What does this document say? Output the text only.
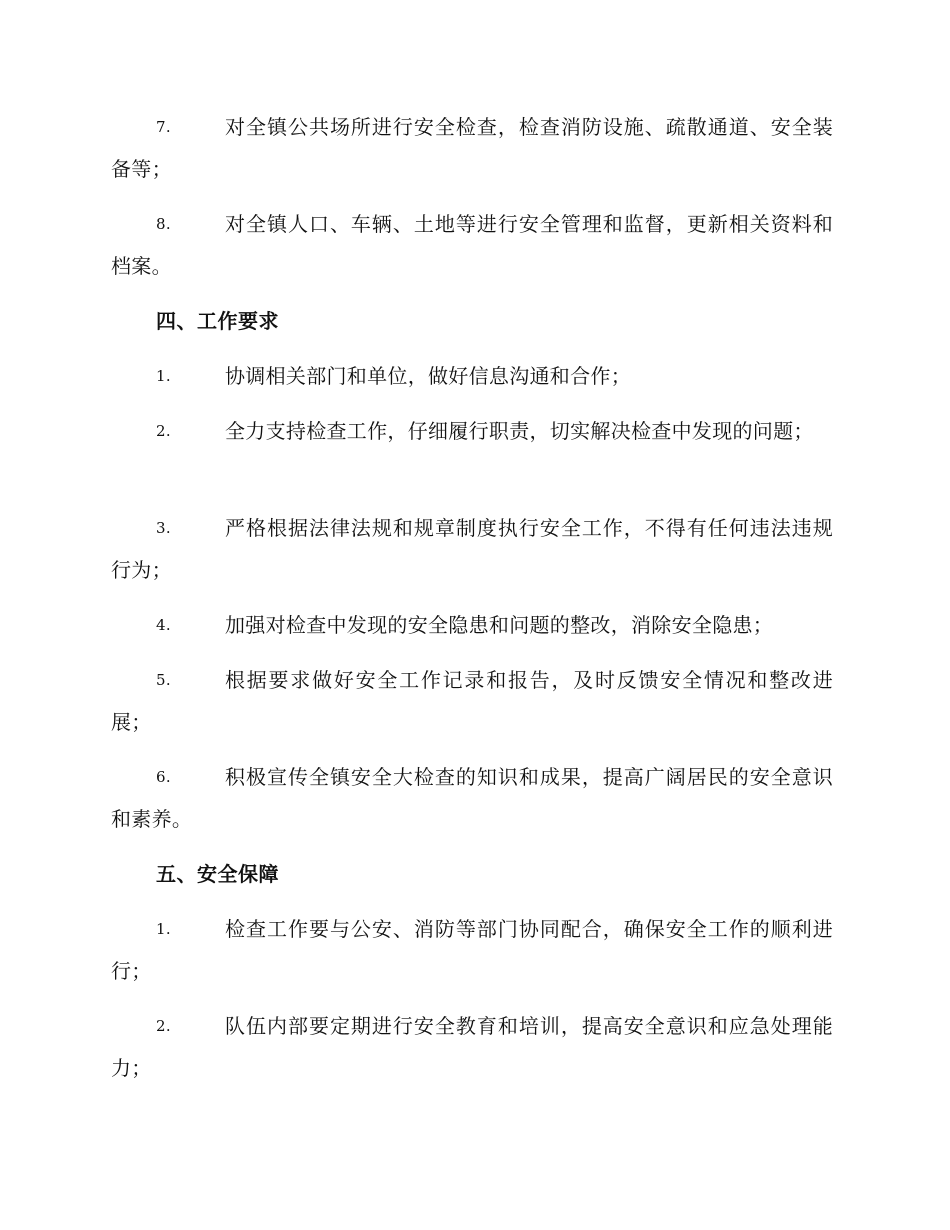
7.	对全镇公共场所进行安全检查，检查消防设施、疏散通道、安全装备等；
8.	对全镇人口、车辆、土地等进行安全管理和监督，更新相关资料和档案。
四、工作要求
1.	协调相关部门和单位，做好信息沟通和合作；
2.	全力支持检查工作，仔细履行职责，切实解决检查中发现的问题；
3.	严格根据法律法规和规章制度执行安全工作，不得有任何违法违规行为；
4.	加强对检查中发现的安全隐患和问题的整改，消除安全隐患；
5.	根据要求做好安全工作记录和报告，及时反馈安全情况和整改进展；
6.	积极宣传全镇安全大检查的知识和成果，提高广阔居民的安全意识和素养。
五、安全保障
1.	检查工作要与公安、消防等部门协同配合，确保安全工作的顺利进行；
2.	队伍内部要定期进行安全教育和培训，提高安全意识和应急处理能力；
